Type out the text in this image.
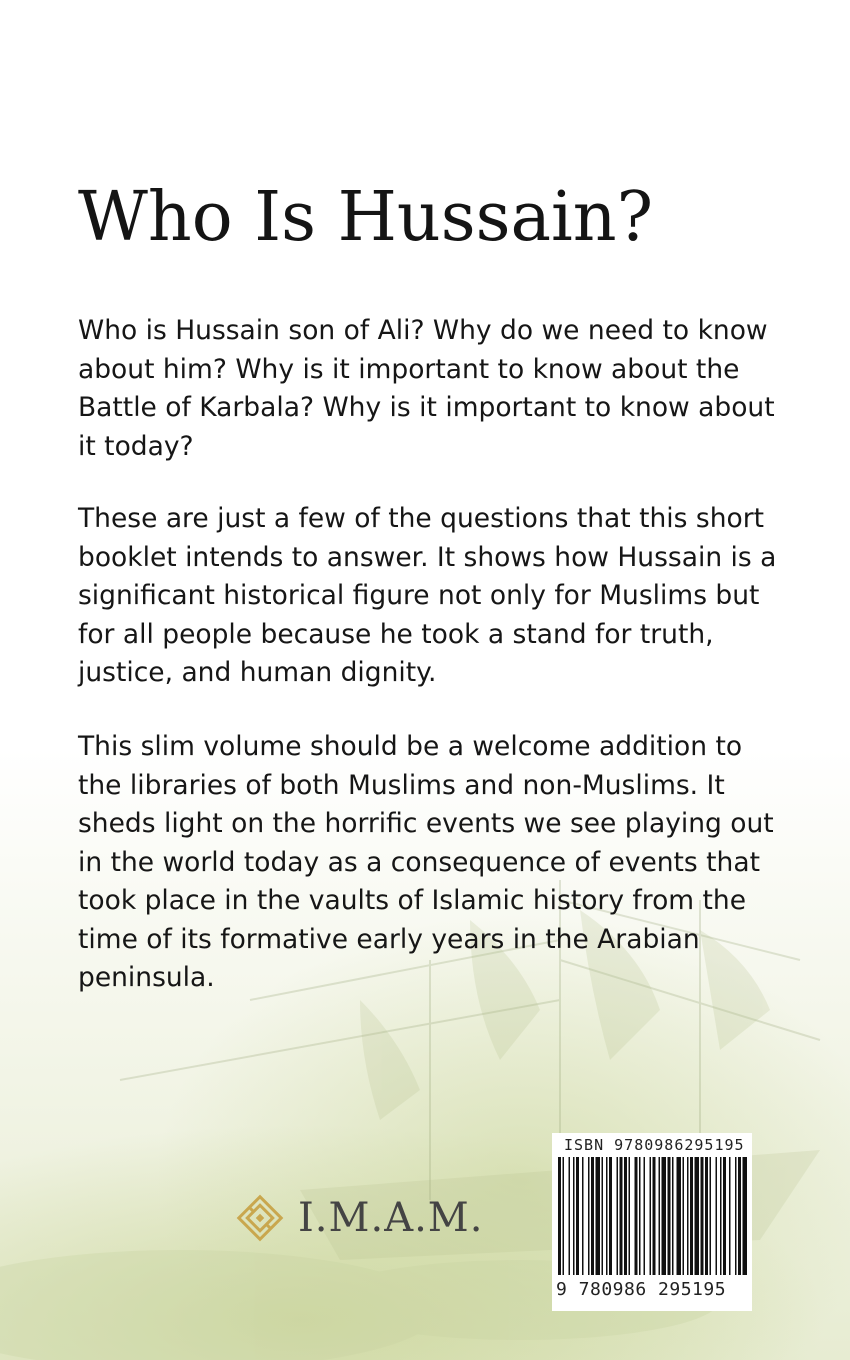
Who Is Hussain?

Who is Hussain son of Ali? Why do we need to know about him? Why is it important to know about the Battle of Karbala? Why is it important to know about it today?

These are just a few of the questions that this short booklet intends to answer. It shows how Hussain is a significant historical figure not only for Muslims but for all people because he took a stand for truth, justice, and human dignity.

This slim volume should be a welcome addition to the libraries of both Muslims and non-Muslims. It sheds light on the horrific events we see playing out in the world today as a consequence of events that took place in the vaults of Islamic history from the time of its formative early years in the Arabian peninsula.

I.M.A.M.
ISBN 9780986295195
9 780986 295195
